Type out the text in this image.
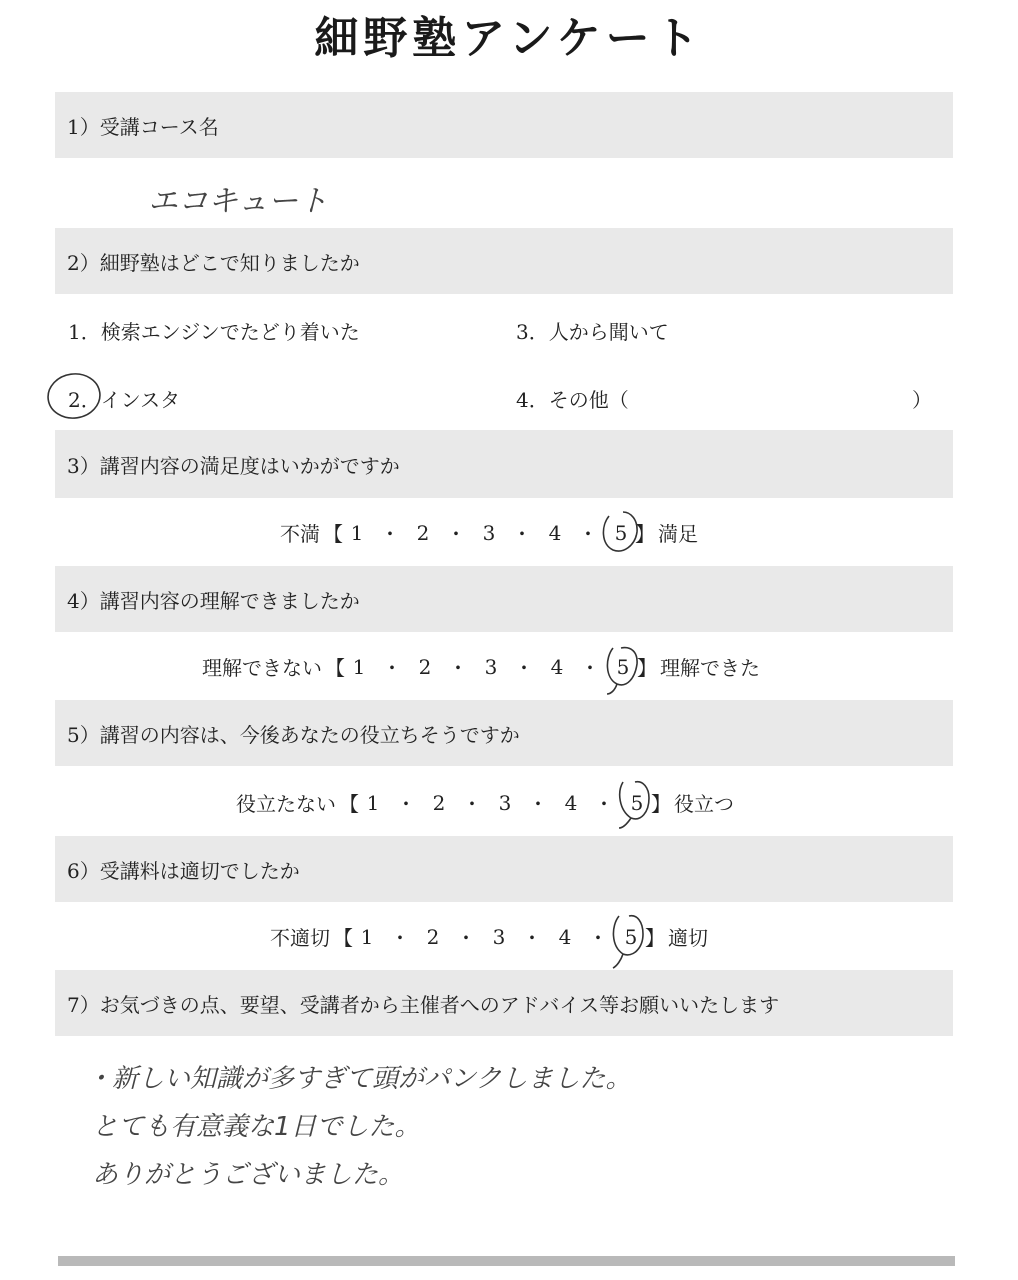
細野塾アンケート
1）受講コース名
エコキュート
2）細野塾はどこで知りましたか
1．検索エンジンでたどり着いた	3．人から聞いて
2．インスタ	4．その他（	）
3）講習内容の満足度はいかがですか
不満 【 1 ・ 2 ・ 3 ・ 4 ・ 5 】 満足
4）講習内容の理解できましたか
理解できない 【 1 ・ 2 ・ 3 ・ 4 ・ 5 】 理解できた
5）講習の内容は、今後あなたの役立ちそうですか
役立たない 【 1 ・ 2 ・ 3 ・ 4 ・ 5 】 役立つ
6）受講料は適切でしたか
不適切 【 1 ・ 2 ・ 3 ・ 4 ・ 5 】 適切
7）お気づきの点、要望、受講者から主催者へのアドバイス等お願いいたします
・新しい知識が多すぎて頭がパンクしました。
とても有意義な1日でした。
ありがとうございました。
